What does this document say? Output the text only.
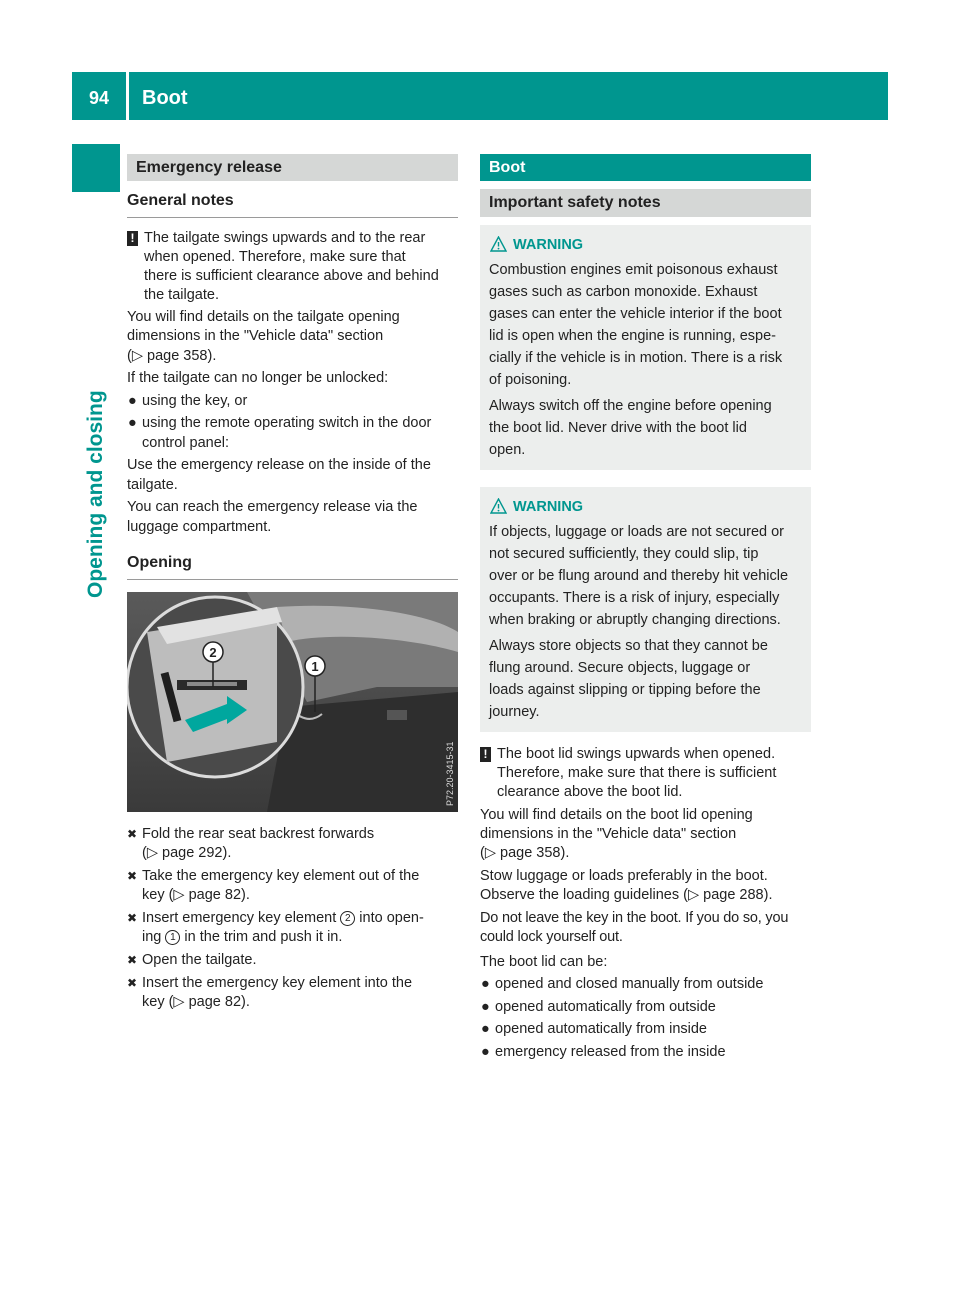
94	Boot
Opening and closing
Emergency release
General notes
! The tailgate swings upwards and to the rear

when opened. Therefore, make sure that

there is sufficient clearance above and behind

the tailgate.

You will find details on the tailgate opening

dimensions in the "Vehicle data" section

(▷ page 358).

If the tailgate can no longer be unlocked:

● using the key, or

● using the remote operating switch in the door

control panel:

Use the emergency release on the inside of the

tailgate.

You can reach the emergency release via the

luggage compartment.

Opening
2
1
P72.20-3415-31
✖ Fold the rear seat backrest forwards

(▷ page 292).

✖ Take the emergency key element out of the

key (▷ page 82).

✖ Insert emergency key element 2 into open-

ing 1 in the trim and push it in.

✖ Open the tailgate.

✖ Insert the emergency key element into the

key (▷ page 82).

Boot
Important safety notes
WARNING

Combustion engines emit poisonous exhaust

gases such as carbon monoxide. Exhaust

gases can enter the vehicle interior if the boot

lid is open when the engine is running, espe-

cially if the vehicle is in motion. There is a risk

of poisoning.

Always switch off the engine before opening

the boot lid. Never drive with the boot lid

open.

WARNING

If objects, luggage or loads are not secured or

not secured sufficiently, they could slip, tip

over or be flung around and thereby hit vehicle

occupants. There is a risk of injury, especially

when braking or abruptly changing directions.

Always store objects so that they cannot be

flung around. Secure objects, luggage or

loads against slipping or tipping before the

journey.

! The boot lid swings upwards when opened.

Therefore, make sure that there is sufficient

clearance above the boot lid.

You will find details on the boot lid opening

dimensions in the "Vehicle data" section

(▷ page 358).

Stow luggage or loads preferably in the boot.

Observe the loading guidelines (▷ page 288).

Do not leave the key in the boot. If you do so, you

could lock yourself out.

The boot lid can be:

● opened and closed manually from outside

● opened automatically from outside

● opened automatically from inside

● emergency released from the inside
